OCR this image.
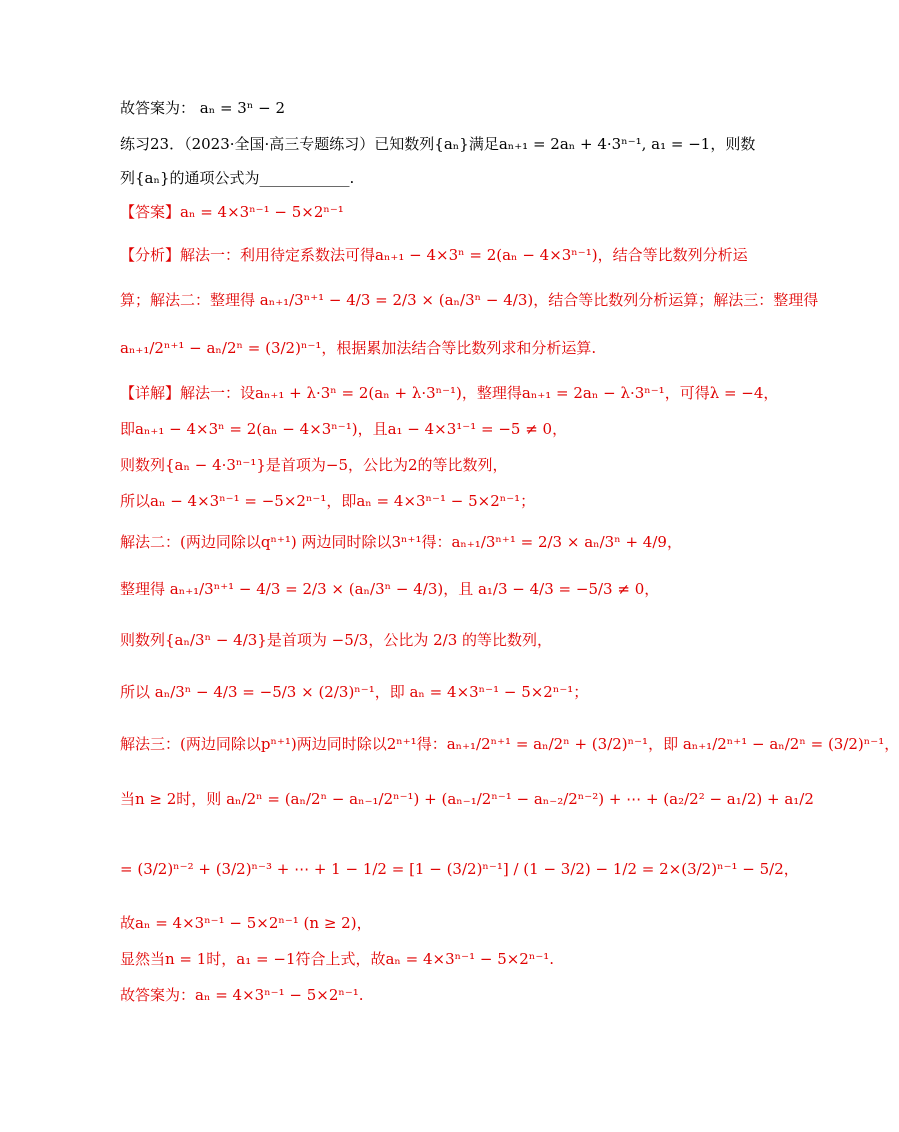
故答案为： aₙ = 3ⁿ − 2
练习23．（2023·全国·高三专题练习）已知数列{aₙ}满足aₙ₊₁ = 2aₙ + 4·3ⁿ⁻¹, a₁ = −1，则数
列{aₙ}的通项公式为____________.
【答案】aₙ = 4×3ⁿ⁻¹ − 5×2ⁿ⁻¹
【分析】解法一：利用待定系数法可得aₙ₊₁ − 4×3ⁿ = 2(aₙ − 4×3ⁿ⁻¹)，结合等比数列分析运
算；解法二：整理得 aₙ₊₁/3ⁿ⁺¹ − 4/3 = 2/3 × (aₙ/3ⁿ − 4/3)，结合等比数列分析运算；解法三：整理得
aₙ₊₁/2ⁿ⁺¹ − aₙ/2ⁿ = (3/2)ⁿ⁻¹，根据累加法结合等比数列求和分析运算.
【详解】解法一：设aₙ₊₁ + λ·3ⁿ = 2(aₙ + λ·3ⁿ⁻¹)，整理得aₙ₊₁ = 2aₙ − λ·3ⁿ⁻¹，可得λ = −4，
即aₙ₊₁ − 4×3ⁿ = 2(aₙ − 4×3ⁿ⁻¹)，且a₁ − 4×3¹⁻¹ = −5 ≠ 0，
则数列{aₙ − 4·3ⁿ⁻¹}是首项为−5，公比为2的等比数列，
所以aₙ − 4×3ⁿ⁻¹ = −5×2ⁿ⁻¹，即aₙ = 4×3ⁿ⁻¹ − 5×2ⁿ⁻¹；
解法二：(两边同除以qⁿ⁺¹) 两边同时除以3ⁿ⁺¹得：aₙ₊₁/3ⁿ⁺¹ = 2/3 × aₙ/3ⁿ + 4/9，
整理得 aₙ₊₁/3ⁿ⁺¹ − 4/3 = 2/3 × (aₙ/3ⁿ − 4/3)，且 a₁/3 − 4/3 = −5/3 ≠ 0，
则数列{aₙ/3ⁿ − 4/3}是首项为 −5/3，公比为 2/3 的等比数列，
所以 aₙ/3ⁿ − 4/3 = −5/3 × (2/3)ⁿ⁻¹，即 aₙ = 4×3ⁿ⁻¹ − 5×2ⁿ⁻¹；
解法三：(两边同除以pⁿ⁺¹)两边同时除以2ⁿ⁺¹得：aₙ₊₁/2ⁿ⁺¹ = aₙ/2ⁿ + (3/2)ⁿ⁻¹，即 aₙ₊₁/2ⁿ⁺¹ − aₙ/2ⁿ = (3/2)ⁿ⁻¹，
当n ≥ 2时，则 aₙ/2ⁿ = (aₙ/2ⁿ − aₙ₋₁/2ⁿ⁻¹) + (aₙ₋₁/2ⁿ⁻¹ − aₙ₋₂/2ⁿ⁻²) + ⋯ + (a₂/2² − a₁/2) + a₁/2
= (3/2)ⁿ⁻² + (3/2)ⁿ⁻³ + ⋯ + 1 − 1/2 = [1 − (3/2)ⁿ⁻¹] / (1 − 3/2) − 1/2 = 2×(3/2)ⁿ⁻¹ − 5/2，
故aₙ = 4×3ⁿ⁻¹ − 5×2ⁿ⁻¹ (n ≥ 2)，
显然当n = 1时，a₁ = −1符合上式，故aₙ = 4×3ⁿ⁻¹ − 5×2ⁿ⁻¹.
故答案为：aₙ = 4×3ⁿ⁻¹ − 5×2ⁿ⁻¹.
